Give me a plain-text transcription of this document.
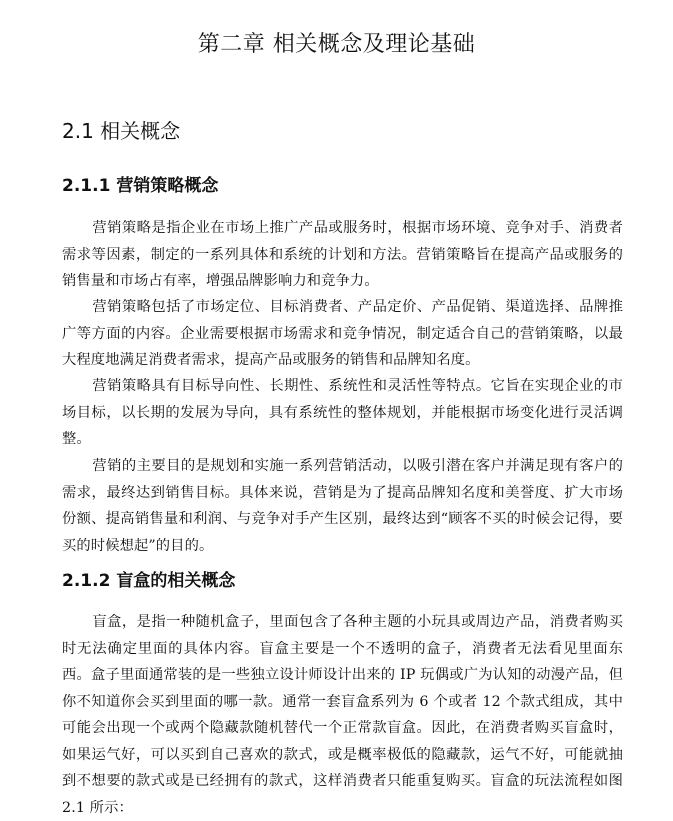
第二章 相关概念及理论基础
2.1 相关概念
2.1.1 营销策略概念

营销策略是指企业在市场上推广产品或服务时，根据市场环境、竞争对手、消费者需求等因素，制定的一系列具体和系统的计划和方法。营销策略旨在提高产品或服务的销售量和市场占有率，增强品牌影响力和竞争力。

营销策略包括了市场定位、目标消费者、产品定价、产品促销、渠道选择、品牌推广等方面的内容。企业需要根据市场需求和竞争情况，制定适合自己的营销策略，以最大程度地满足消费者需求，提高产品或服务的销售和品牌知名度。

营销策略具有目标导向性、长期性、系统性和灵活性等特点。它旨在实现企业的市场目标，以长期的发展为导向，具有系统性的整体规划，并能根据市场变化进行灵活调整。

营销的主要目的是规划和实施一系列营销活动，以吸引潜在客户并满足现有客户的需求，最终达到销售目标。具体来说，营销是为了提高品牌知名度和美誉度、扩大市场份额、提高销售量和利润、与竞争对手产生区别，最终达到“顾客不买的时候会记得，要买的时候想起”的目的。

2.1.2 盲盒的相关概念

盲盒，是指一种随机盒子，里面包含了各种主题的小玩具或周边产品，消费者购买时无法确定里面的具体内容。盲盒主要是一个不透明的盒子，消费者无法看见里面东西。盒子里面通常装的是一些独立设计师设计出来的 IP 玩偶或广为认知的动漫产品，但你不知道你会买到里面的哪一款。通常一套盲盒系列为 6 个或者 12 个款式组成，其中可能会出现一个或两个隐藏款随机替代一个正常款盲盒。因此，在消费者购买盲盒时，如果运气好，可以买到自己喜欢的款式，或是概率极低的隐藏款，运气不好，可能就抽到不想要的款式或是已经拥有的款式，这样消费者只能重复购买。盲盒的玩法流程如图 2.1 所示：
